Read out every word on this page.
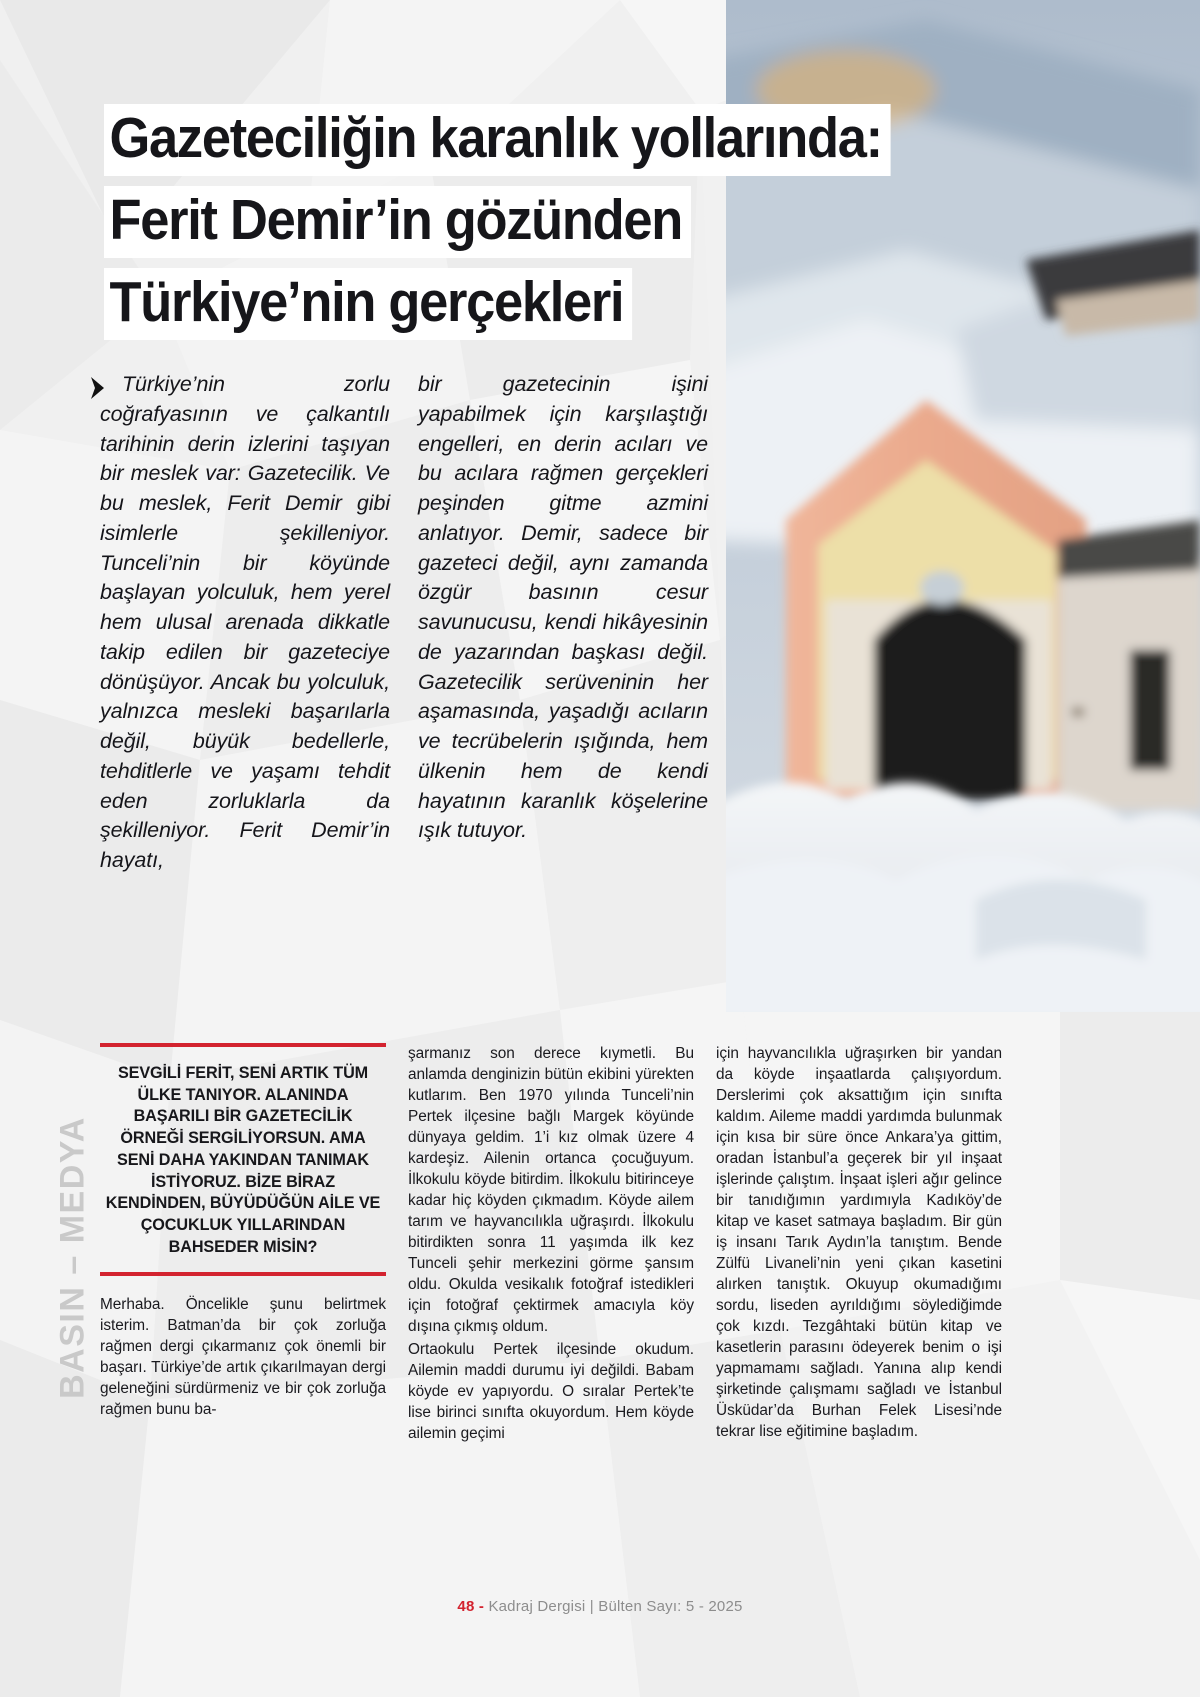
Gazeteciliğin karanlık yollarında:
Ferit Demir’in gözünden
Türkiye’nin gerçekleri
Türkiye’nin zorlu coğrafyasının ve çalkantılı tarihinin derin izlerini taşıyan bir meslek var: Gazetecilik. Ve bu meslek, Ferit Demir gibi isimlerle şekilleniyor. Tunceli’nin bir köyünde başlayan yolculuk, hem yerel hem ulusal arenada dikkatle takip edilen bir gazeteciye dönüşüyor. Ancak bu yolculuk, yalnızca mesleki başarılarla değil, büyük bedellerle, tehditlerle ve yaşamı tehdit eden zorluklarla da şekilleniyor. Ferit Demir’in hayatı,
bir gazetecinin işini yapabilmek için karşılaştığı engelleri, en derin acıları ve bu acılara rağmen gerçekleri peşinden gitme azmini anlatıyor. Demir, sadece bir gazeteci değil, aynı zamanda özgür basının cesur savunucusu, kendi hikâyesinin de yazarından başkası değil. Gazetecilik serüveninin her aşamasında, yaşadığı acıların ve tecrübelerin ışığında, hem ülkenin hem de kendi hayatının karanlık köşelerine ışık tutuyor.
BASIN – MEDYA
SEVGİLİ FERİT, SENİ ARTIK TÜM ÜLKE TANIYOR. ALANINDA BAŞARILI BİR GAZETECİLİK ÖRNEĞİ SERGİLİYORSUN. AMA SENİ DAHA YAKINDAN TANIMAK İSTİYORUZ. BİZE BİRAZ KENDİNDEN, BÜYÜDÜĞÜN AİLE VE ÇOCUKLUK YILLARINDAN BAHSEDER MİSİN?

Merhaba. Öncelikle şunu belirtmek isterim. Batman’da bir çok zorluğa rağmen dergi çıkarmanız çok önemli bir başarı. Türkiye’de artık çıkarılmayan dergi geleneğini sürdürmeniz ve bir çok zorluğa rağmen bunu ba-

şarmanız son derece kıymetli. Bu anlamda denginizin bütün ekibini yürekten kutlarım. Ben 1970 yılında Tunceli’nin Pertek ilçesine bağlı Margek köyünde dünyaya geldim. 1’i kız olmak üzere 4 kardeşiz. Ailenin ortanca çocuğuyum. İlkokulu köyde bitirdim. İlkokulu bitirinceye kadar hiç köyden çıkmadım. Köyde ailem tarım ve hayvancılıkla uğraşırdı. İlkokulu bitirdikten sonra 11 yaşımda ilk kez Tunceli şehir merkezini görme şansım oldu. Okulda vesikalık fotoğraf istedikleri için fotoğraf çektirmek amacıyla köy dışına çıkmış oldum.

Ortaokulu Pertek ilçesinde okudum. Ailemin maddi durumu iyi değildi. Babam köyde ev yapıyordu. O sıralar Pertek’te lise birinci sınıfta okuyordum. Hem köyde ailemin geçimi

için hayvancılıkla uğraşırken bir yandan da köyde inşaatlarda çalışıyordum. Derslerimi çok aksattığım için sınıfta kaldım. Aileme maddi yardımda bulunmak için kısa bir süre önce Ankara’ya gittim, oradan İstanbul’a geçerek bir yıl inşaat işlerinde çalıştım. İnşaat işleri ağır gelince bir tanıdığımın yardımıyla Kadıköy’de kitap ve kaset satmaya başladım. Bir gün iş insanı Tarık Aydın’la tanıştım. Bende Zülfü Livaneli’nin yeni çıkan kasetini alırken tanıştık. Okuyup okumadığımı sordu, liseden ayrıldığımı söylediğimde çok kızdı. Tezgâhtaki bütün kitap ve kasetlerin parasını ödeyerek benim o işi yapmamamı sağladı. Yanına alıp kendi şirketinde çalışmamı sağladı ve İstanbul Üsküdar’da Burhan Felek Lisesi’nde tekrar lise eğitimine başladım.

48 - Kadraj Dergisi | Bülten Sayı: 5 - 2025
